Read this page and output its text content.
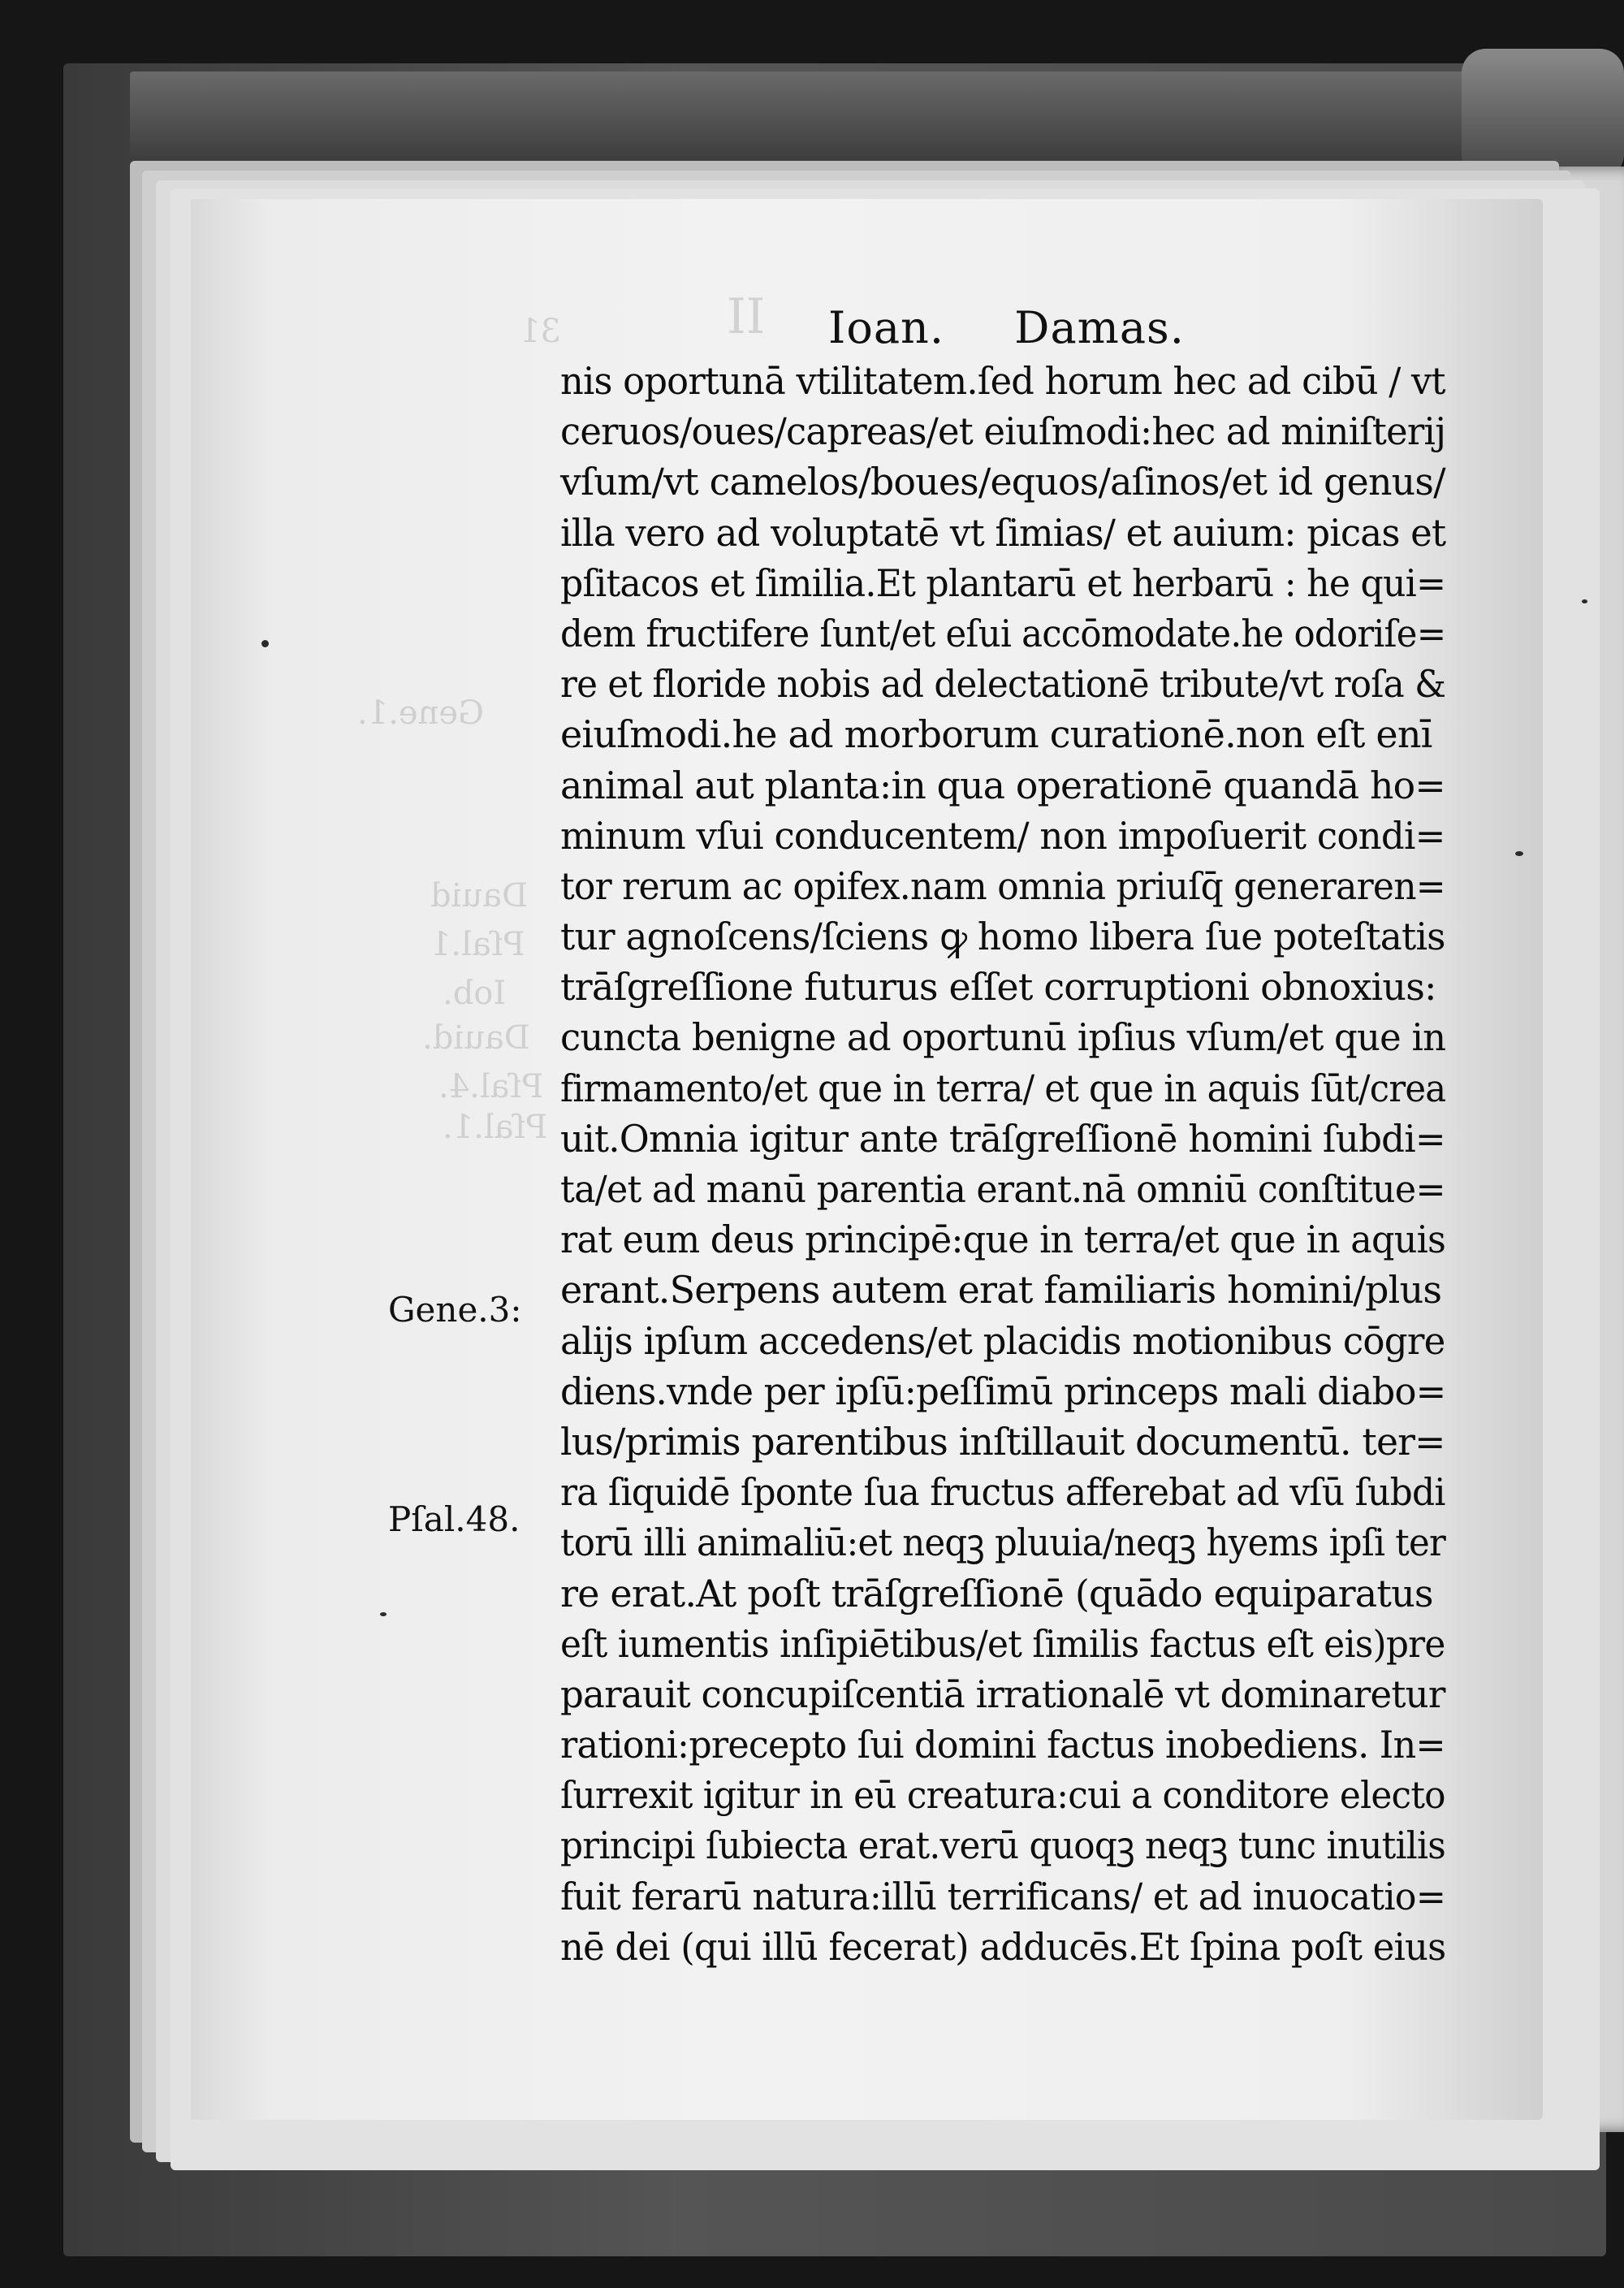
31	II
Gene.1.
Dauid
Pſal.1
Iob.
Dauid.
Pſal.4.
Pſal.1.
Ioan. Damas.
nis oportunā vtilitatem.ſed horum hec ad cibū / vt
ceruos/oues/capreas/et eiuſmodi:hec ad miniſterij
vſum/vt camelos/boues/equos/aſinos/et id genus/
illa vero ad voluptatē vt ſimias/ et auium: picas et
pſitacos et ſimilia.Et plantarū et herbarū : he qui=
dem fructifere ſunt/et eſui accōmodate.he odoriſe=
re et floride nobis ad delectationē tribute/vt roſa &
eiuſmodi.he ad morborum curationē.non eſt enī
animal aut planta:in qua operationē quandā ho=
minum vſui conducentem/ non impoſuerit condi=
tor rerum ac opifex.nam omnia priuſq̄ generaren=
tur agnoſcens/ſciens ꝙ homo libera ſue poteſtatis
trāſgreſſione futurus eſſet corruptioni obnoxius:
cuncta benigne ad oportunū ipſius vſum/et que in
firmamento/et que in terra/ et que in aquis ſūt/crea
uit.Omnia igitur ante trāſgreſſionē homini ſubdi=
ta/et ad manū parentia erant.nā omniū conſtitue=
rat eum deus principē:que in terra/et que in aquis
erant.Serpens autem erat familiaris homini/plus
alijs ipſum accedens/et placidis motionibus cōgre
diens.vnde per ipſū:peſſimū princeps mali diabo=
lus/primis parentibus inſtillauit documentū. ter=
ra ſiquidē ſponte ſua fructus afferebat ad vſū ſubdi
torū illi animaliū:et neqꝫ pluuia/neqꝫ hyems ipſi ter
re erat.At poſt trāſgreſſionē (quādo equiparatus
eſt iumentis inſipiētibus/et ſimilis factus eſt eis)pre
parauit concupiſcentiā irrationalē vt dominaretur
rationi:precepto ſui domini factus inobediens. In=
ſurrexit igitur in eū creatura:cui a conditore electo
principi ſubiecta erat.verū quoqꝫ neqꝫ tunc inutilis
fuit ferarū natura:illū terrificans/ et ad inuocatio=
nē dei (qui illū fecerat) adducēs.Et ſpina poſt eius
Gene.3:
Pſal.48.
